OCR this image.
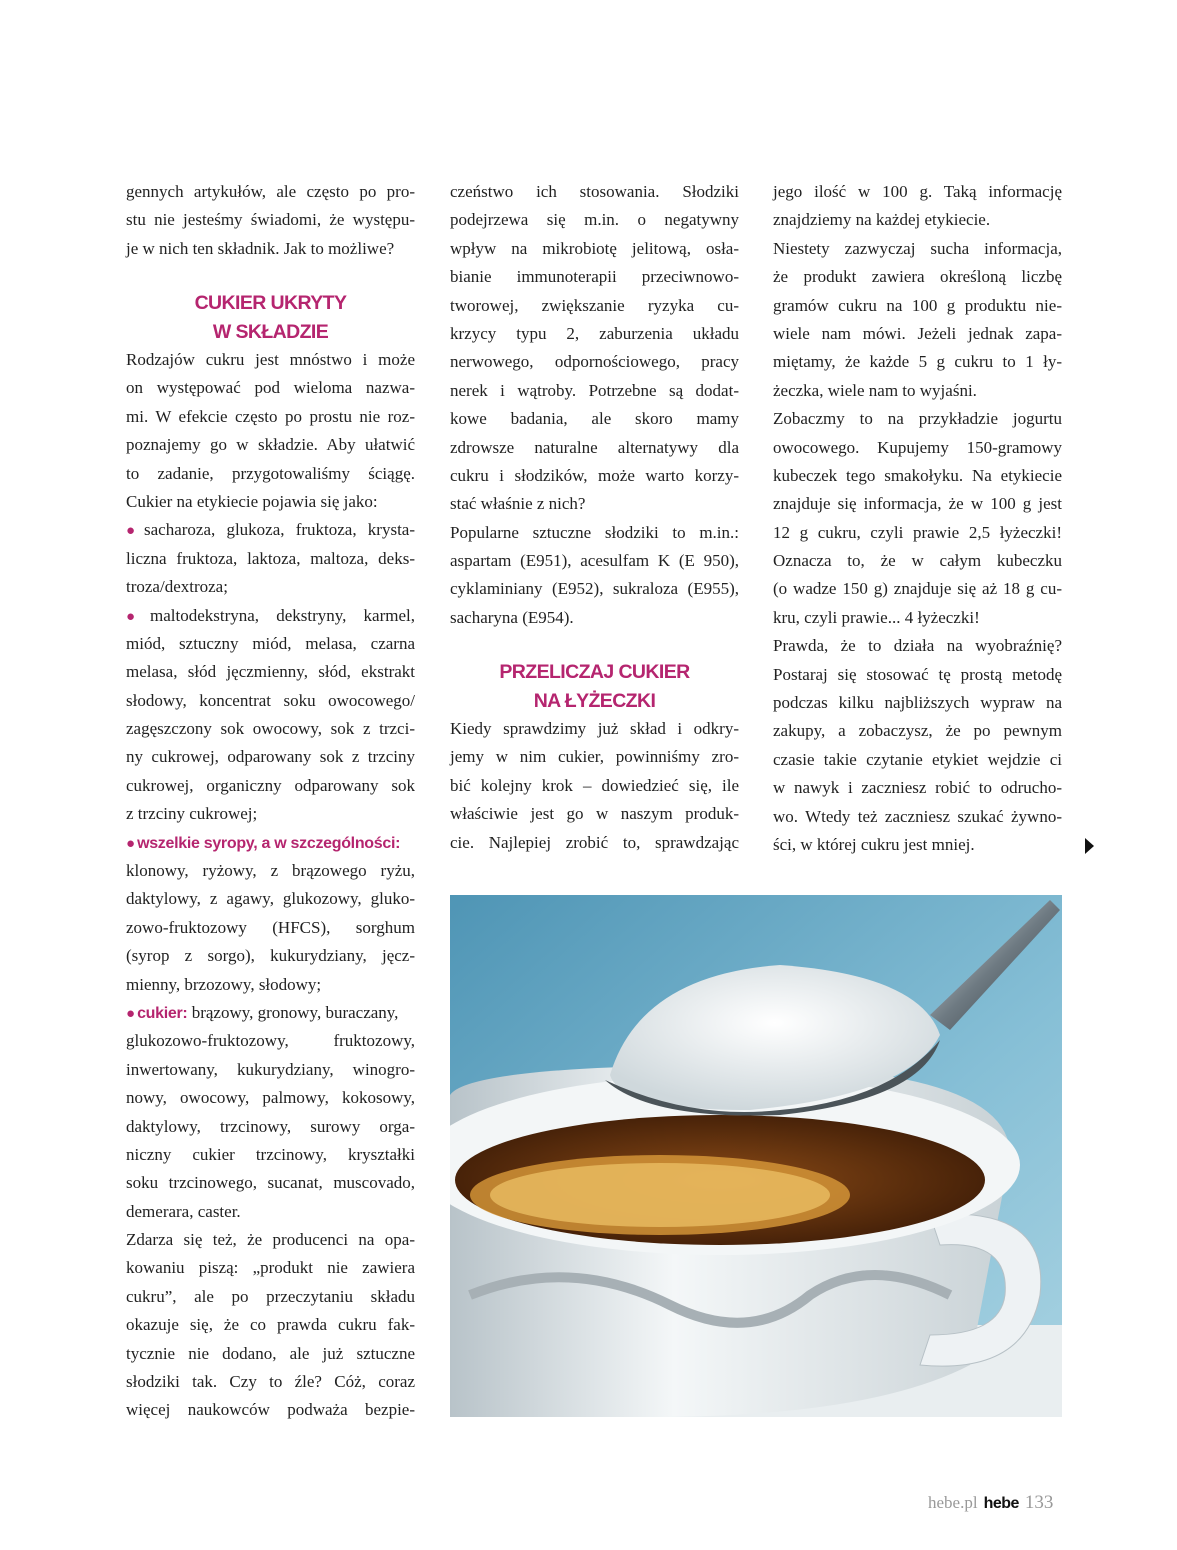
gennych artykułów, ale często po pro-
stu nie jesteśmy świadomi, że występu-
je w nich ten składnik. Jak to możliwe?
CUKIER UKRYTY
W SKŁADZIE
Rodzajów cukru jest mnóstwo i może
on występować pod wieloma nazwa-
mi. W efekcie często po prostu nie roz-
poznajemy go w składzie. Aby ułatwić
to zadanie, przygotowaliśmy ściągę.
Cukier na etykiecie pojawia się jako:
● sacharoza, glukoza, fruktoza, krysta-
liczna fruktoza, laktoza, maltoza, deks-
troza/dextroza;
● maltodekstryna, dekstryny, karmel,
miód, sztuczny miód, melasa, czarna
melasa, słód jęczmienny, słód, ekstrakt
słodowy, koncentrat soku owocowego/
zagęszczony sok owocowy, sok z trzci-
ny cukrowej, odparowany sok z trzciny
cukrowej, organiczny odparowany sok
z trzciny cukrowej;
● wszelkie syropy, a w szczególności:
klonowy, ryżowy, z brązowego ryżu,
daktylowy, z agawy, glukozowy, gluko-
zowo-fruktozowy (HFCS), sorghum
(syrop z sorgo), kukurydziany, jęcz-
mienny, brzozowy, słodowy;
● cukier: brązowy, gronowy, buraczany,
glukozowo-fruktozowy, fruktozowy,
inwertowany, kukurydziany, winogro-
nowy, owocowy, palmowy, kokosowy,
daktylowy, trzcinowy, surowy orga-
niczny cukier trzcinowy, kryształki
soku trzcinowego, sucanat, muscovado,
demerara, caster.
Zdarza się też, że producenci na opa-
kowaniu piszą: „produkt nie zawiera
cukru”, ale po przeczytaniu składu
okazuje się, że co prawda cukru fak-
tycznie nie dodano, ale już sztuczne
słodziki tak. Czy to źle? Cóż, coraz
więcej naukowców podważa bezpie-
czeństwo ich stosowania. Słodziki
podejrzewa się m.in. o negatywny
wpływ na mikrobiotę jelitową, osła-
bianie immunoterapii przeciwnowo-
tworowej, zwiększanie ryzyka cu-
krzycy typu 2, zaburzenia układu
nerwowego, odpornościowego, pracy
nerek i wątroby. Potrzebne są dodat-
kowe badania, ale skoro mamy
zdrowsze naturalne alternatywy dla
cukru i słodzików, może warto korzy-
stać właśnie z nich?
Popularne sztuczne słodziki to m.in.:
aspartam (E951), acesulfam K (E 950),
cyklaminiany (E952), sukraloza (E955),
sacharyna (E954).
PRZELICZAJ CUKIER
NA ŁYŻECZKI
Kiedy sprawdzimy już skład i odkry-
jemy w nim cukier, powinniśmy zro-
bić kolejny krok – dowiedzieć się, ile
właściwie jest go w naszym produk-
cie. Najlepiej zrobić to, sprawdzając
jego ilość w 100 g. Taką informację
znajdziemy na każdej etykiecie.
Niestety zazwyczaj sucha informacja,
że produkt zawiera określoną liczbę
gramów cukru na 100 g produktu nie-
wiele nam mówi. Jeżeli jednak zapa-
miętamy, że każde 5 g cukru to 1 ły-
żeczka, wiele nam to wyjaśni.
Zobaczmy to na przykładzie jogurtu
owocowego. Kupujemy 150-gramowy
kubeczek tego smakołyku. Na etykiecie
znajduje się informacja, że w 100 g jest
12 g cukru, czyli prawie 2,5 łyżeczki!
Oznacza to, że w całym kubeczku
(o wadze 150 g) znajduje się aż 18 g cu-
kru, czyli prawie... 4 łyżeczki!
Prawda, że to działa na wyobraźnię?
Postaraj się stosować tę prostą metodę
podczas kilku najbliższych wypraw na
zakupy, a zobaczysz, że po pewnym
czasie takie czytanie etykiet wejdzie ci
w nawyk i zaczniesz robić to odrucho-
wo. Wtedy też zaczniesz szukać żywno-
ści, w której cukru jest mniej.
hebe.pl hebe 133
